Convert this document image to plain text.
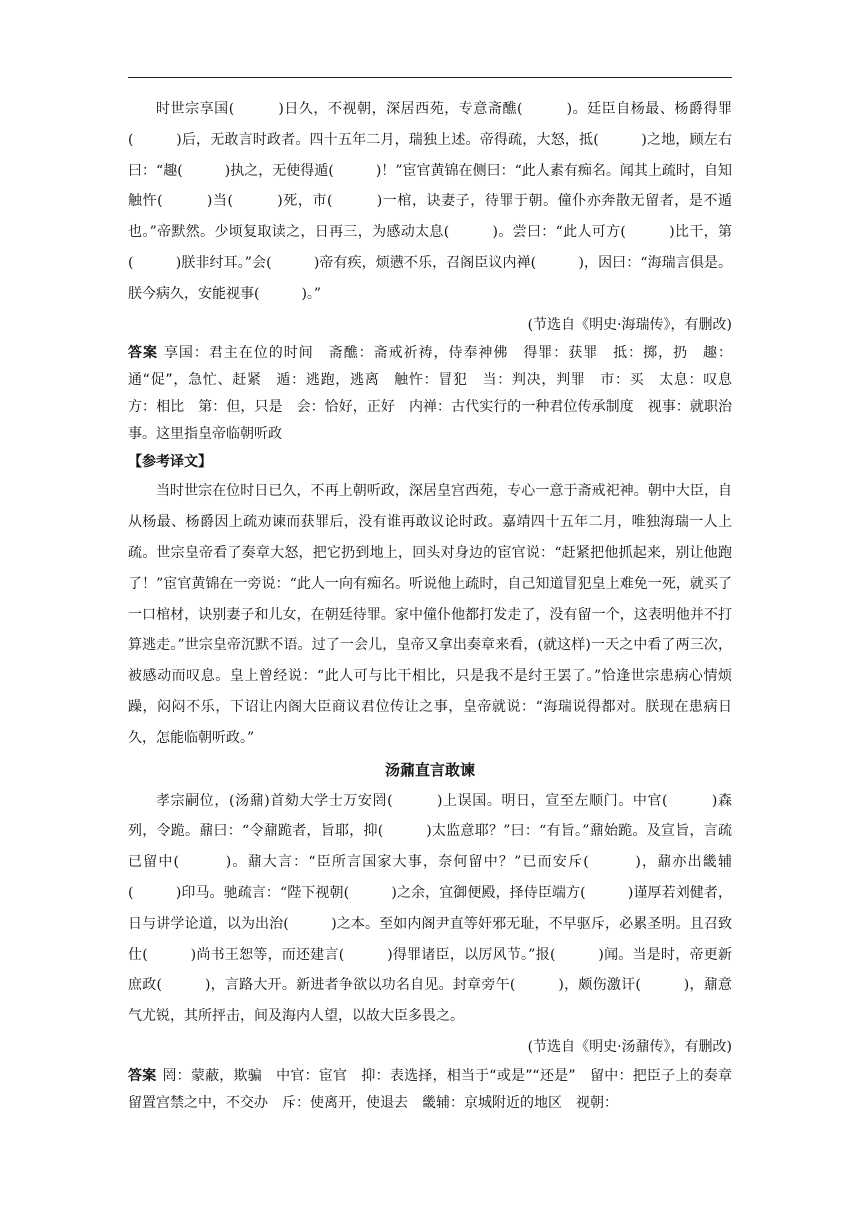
时世宗享国(　　　)日久，不视朝，深居西苑，专意斋醮(　　　)。廷臣自杨最、杨爵得罪(　　　)后，无敢言时政者。四十五年二月，瑞独上述。帝得疏，大怒，抵(　　　)之地，顾左右曰：“趣(　　　)执之，无使得遁(　　　)！”宦官黄锦在侧曰：“此人素有痴名。闻其上疏时，自知触忤(　　　)当(　　　)死，市(　　　)一棺，诀妻子，待罪于朝。僮仆亦奔散无留者，是不遁也。”帝默然。少顷复取读之，日再三，为感动太息(　　　)。尝曰：“此人可方(　　　)比干，第(　　　)朕非纣耳。”会(　　　)帝有疾，烦懑不乐，召阁臣议内禅(　　　)，因曰：“海瑞言俱是。朕今病久，安能视事(　　　)。”

(节选自《明史·海瑞传》，有删改)

答案 享国：君主在位的时间　斋醮：斋戒祈祷，侍奉神佛　得罪：获罪　抵：掷，扔　趣：通“促”，急忙、赶紧　遁：逃跑，逃离　触忤：冒犯　当：判决，判罪　市：买　太息：叹息　方：相比　第：但，只是　会：恰好，正好　内禅：古代实行的一种君位传承制度　视事：就职治事。这里指皇帝临朝听政

【参考译文】

当时世宗在位时日已久，不再上朝听政，深居皇宫西苑，专心一意于斋戒祀神。朝中大臣，自从杨最、杨爵因上疏劝谏而获罪后，没有谁再敢议论时政。嘉靖四十五年二月，唯独海瑞一人上疏。世宗皇帝看了奏章大怒，把它扔到地上，回头对身边的宦官说：“赶紧把他抓起来，别让他跑了！”宦官黄锦在一旁说：“此人一向有痴名。听说他上疏时，自己知道冒犯皇上难免一死，就买了一口棺材，诀别妻子和儿女，在朝廷待罪。家中僮仆他都打发走了，没有留一个，这表明他并不打算逃走。”世宗皇帝沉默不语。过了一会儿，皇帝又拿出奏章来看，(就这样)一天之中看了两三次，被感动而叹息。皇上曾经说：“此人可与比干相比，只是我不是纣王罢了。”恰逢世宗患病心情烦躁，闷闷不乐，下诏让内阁大臣商议君位传让之事，皇帝就说：“海瑞说得都对。朕现在患病日久，怎能临朝听政。”

汤鼐直言敢谏

孝宗嗣位，(汤鼐)首劾大学士万安罔(　　　)上误国。明日，宣至左顺门。中官(　　　)森列，令跪。鼐曰：“令鼐跪者，旨耶，抑(　　　)太监意耶？”曰：“有旨。”鼐始跪。及宣旨，言疏已留中(　　　)。鼐大言：“臣所言国家大事，奈何留中？”已而安斥(　　　)，鼐亦出畿辅(　　　)印马。驰疏言：“陛下视朝(　　　)之余，宜御便殿，择侍臣端方(　　　)谨厚若刘健者，日与讲学论道，以为出治(　　　)之本。至如内阁尹直等奸邪无耻，不早驱斥，必累圣明。且召致仕(　　　)尚书王恕等，而还建言(　　　)得罪诸臣，以厉风节。”报(　　　)闻。当是时，帝更新庶政(　　　)，言路大开。新进者争欲以功名自见。封章旁午(　　　)，颇伤激讦(　　　)，鼐意气尤锐，其所抨击，间及海内人望，以故大臣多畏之。

(节选自《明史·汤鼐传》，有删改)

答案 罔：蒙蔽，欺骗　中官：宦官　抑：表选择，相当于“或是”“还是”　留中：把臣子上的奏章留置宫禁之中，不交办　斥：使离开，使退去　畿辅：京城附近的地区　视朝：
